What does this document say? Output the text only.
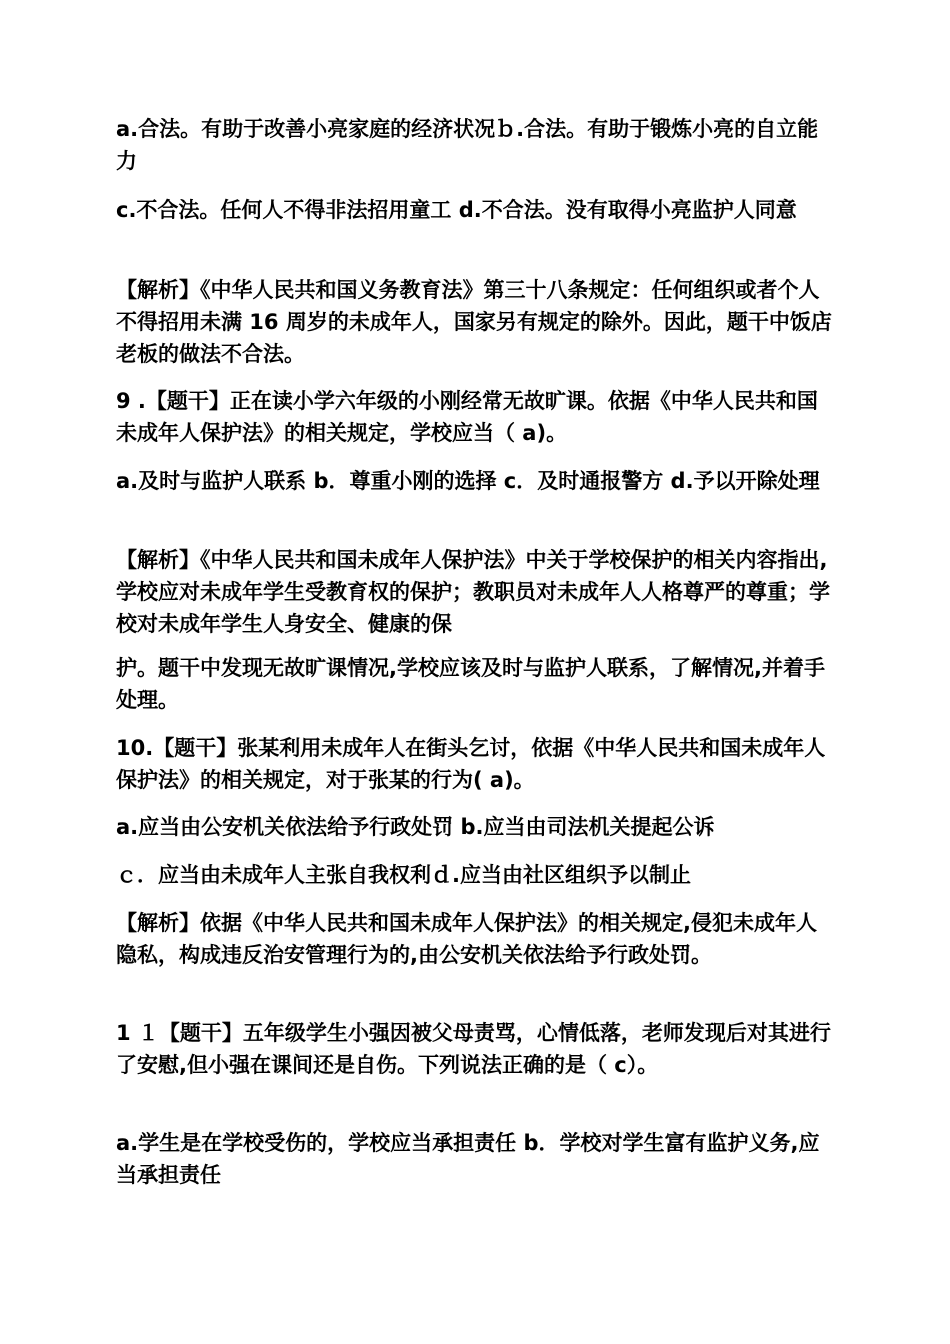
a.合法。有助于改善小亮家庭的经济状况ｂ.合法。有助于锻炼小亮的自立能力

c.不合法。任何人不得非法招用童工 d.不合法。没有取得小亮监护人同意

【解析】《中华人民共和国义务教育法》第三十八条规定：任何组织或者个人不得招用未满 16 周岁的未成年人，国家另有规定的除外。因此，题干中饭店老板的做法不合法。

9 .【题干】正在读小学六年级的小刚经常无故旷课。依据《中华人民共和国未成年人保护法》的相关规定，学校应当（ a)。

a.及时与监护人联系 b．尊重小刚的选择 c．及时通报警方 d.予以开除处理

【解析】《中华人民共和国未成年人保护法》中关于学校保护的相关内容指出,学校应对未成年学生受教育权的保护；教职员对未成年人人格尊严的尊重；学校对未成年学生人身安全、健康的保

护。题干中发现无故旷课情况,学校应该及时与监护人联系，了解情况,并着手处理。

10.【题干】张某利用未成年人在街头乞讨，依据《中华人民共和国未成年人保护法》的相关规定，对于张某的行为( a)。

a.应当由公安机关依法给予行政处罚 b.应当由司法机关提起公诉

ｃ．应当由未成年人主张自我权利ｄ.应当由社区组织予以制止

【解析】依据《中华人民共和国未成年人保护法》的相关规定,侵犯未成年人隐私，构成违反治安管理行为的,由公安机关依法给予行政处罚。

1 １【题干】五年级学生小强因被父母责骂，心情低落，老师发现后对其进行了安慰,但小强在课间还是自伤。下列说法正确的是（ c）。

a.学生是在学校受伤的，学校应当承担责任 b．学校对学生富有监护义务,应当承担责任
